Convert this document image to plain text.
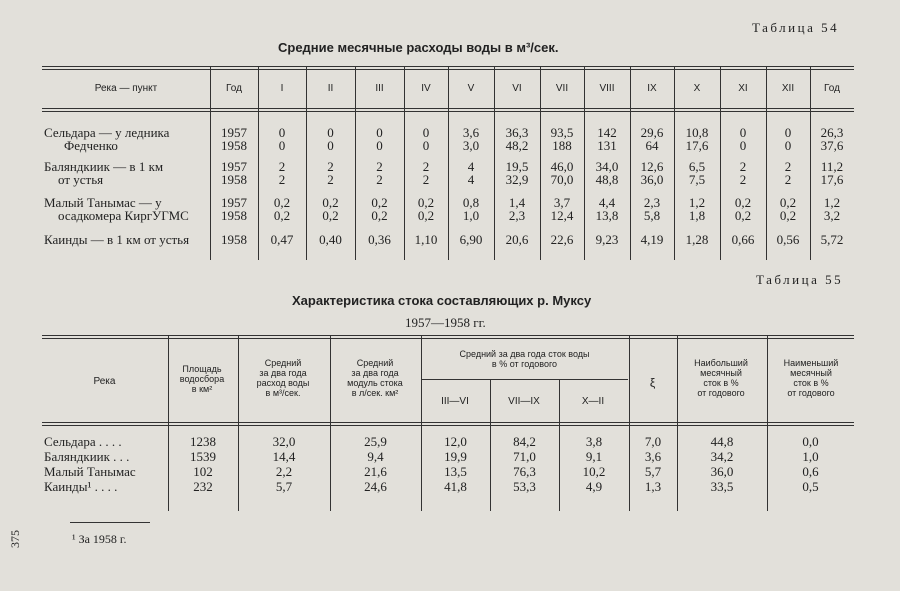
Таблица 54
Средние месячные расходы воды в м³/сек.
Река — пункт	Год	I	II	III	IV	V	VI	VII	VIII	IX	X	XI	XII	Год
Сельдара — у ледника	1957	0	0	0	0	3,6	36,3	93,5	142	29,6	10,8	0	0	26,3
Федченко	1958	0	0	0	0	3,0	48,2	188	131	64	17,6	0	0	37,6
Баляндкиик — в 1 км	1957	2	2	2	2	4	19,5	46,0	34,0	12,6	6,5	2	2	11,2
от устья	1958	2	2	2	2	4	32,9	70,0	48,8	36,0	7,5	2	2	17,6
Малый Танымас — у	1957	0,2	0,2	0,2	0,2	0,8	1,4	3,7	4,4	2,3	1,2	0,2	0,2	1,2
осадкомера КиргУГМС	1958	0,2	0,2	0,2	0,2	1,0	2,3	12,4	13,8	5,8	1,8	0,2	0,2	3,2
Каинды — в 1 км от устья	1958	0,47	0,40	0,36	1,10	6,90	20,6	22,6	9,23	4,19	1,28	0,66	0,56	5,72
Таблица 55
Характеристика стока составляющих р. Муксу
1957—1958 гг.
Река
Площадь
водосбора
в км²
Средний
за два года
расход воды
в м³/сек.
Средний
за два года
модуль стока
в л/сек. км²
Средний за два года сток воды
в % от годового
III—VI	VII—IX	X—II
ξ
Наибольший
месячный
сток в %
от годового
Наименьший
месячный
сток в %
от годового
Сельдара . . . .	1238	32,0	25,9	12,0	84,2	3,8	7,0	44,8	0,0
Баляндкиик . . .	1539	14,4	9,4	19,9	71,0	9,1	3,6	34,2	1,0
Малый Танымас	102	2,2	21,6	13,5	76,3	10,2	5,7	36,0	0,6
Каинды¹ . . . .	232	5,7	24,6	41,8	53,3	4,9	1,3	33,5	0,5
¹ За 1958 г.
375
